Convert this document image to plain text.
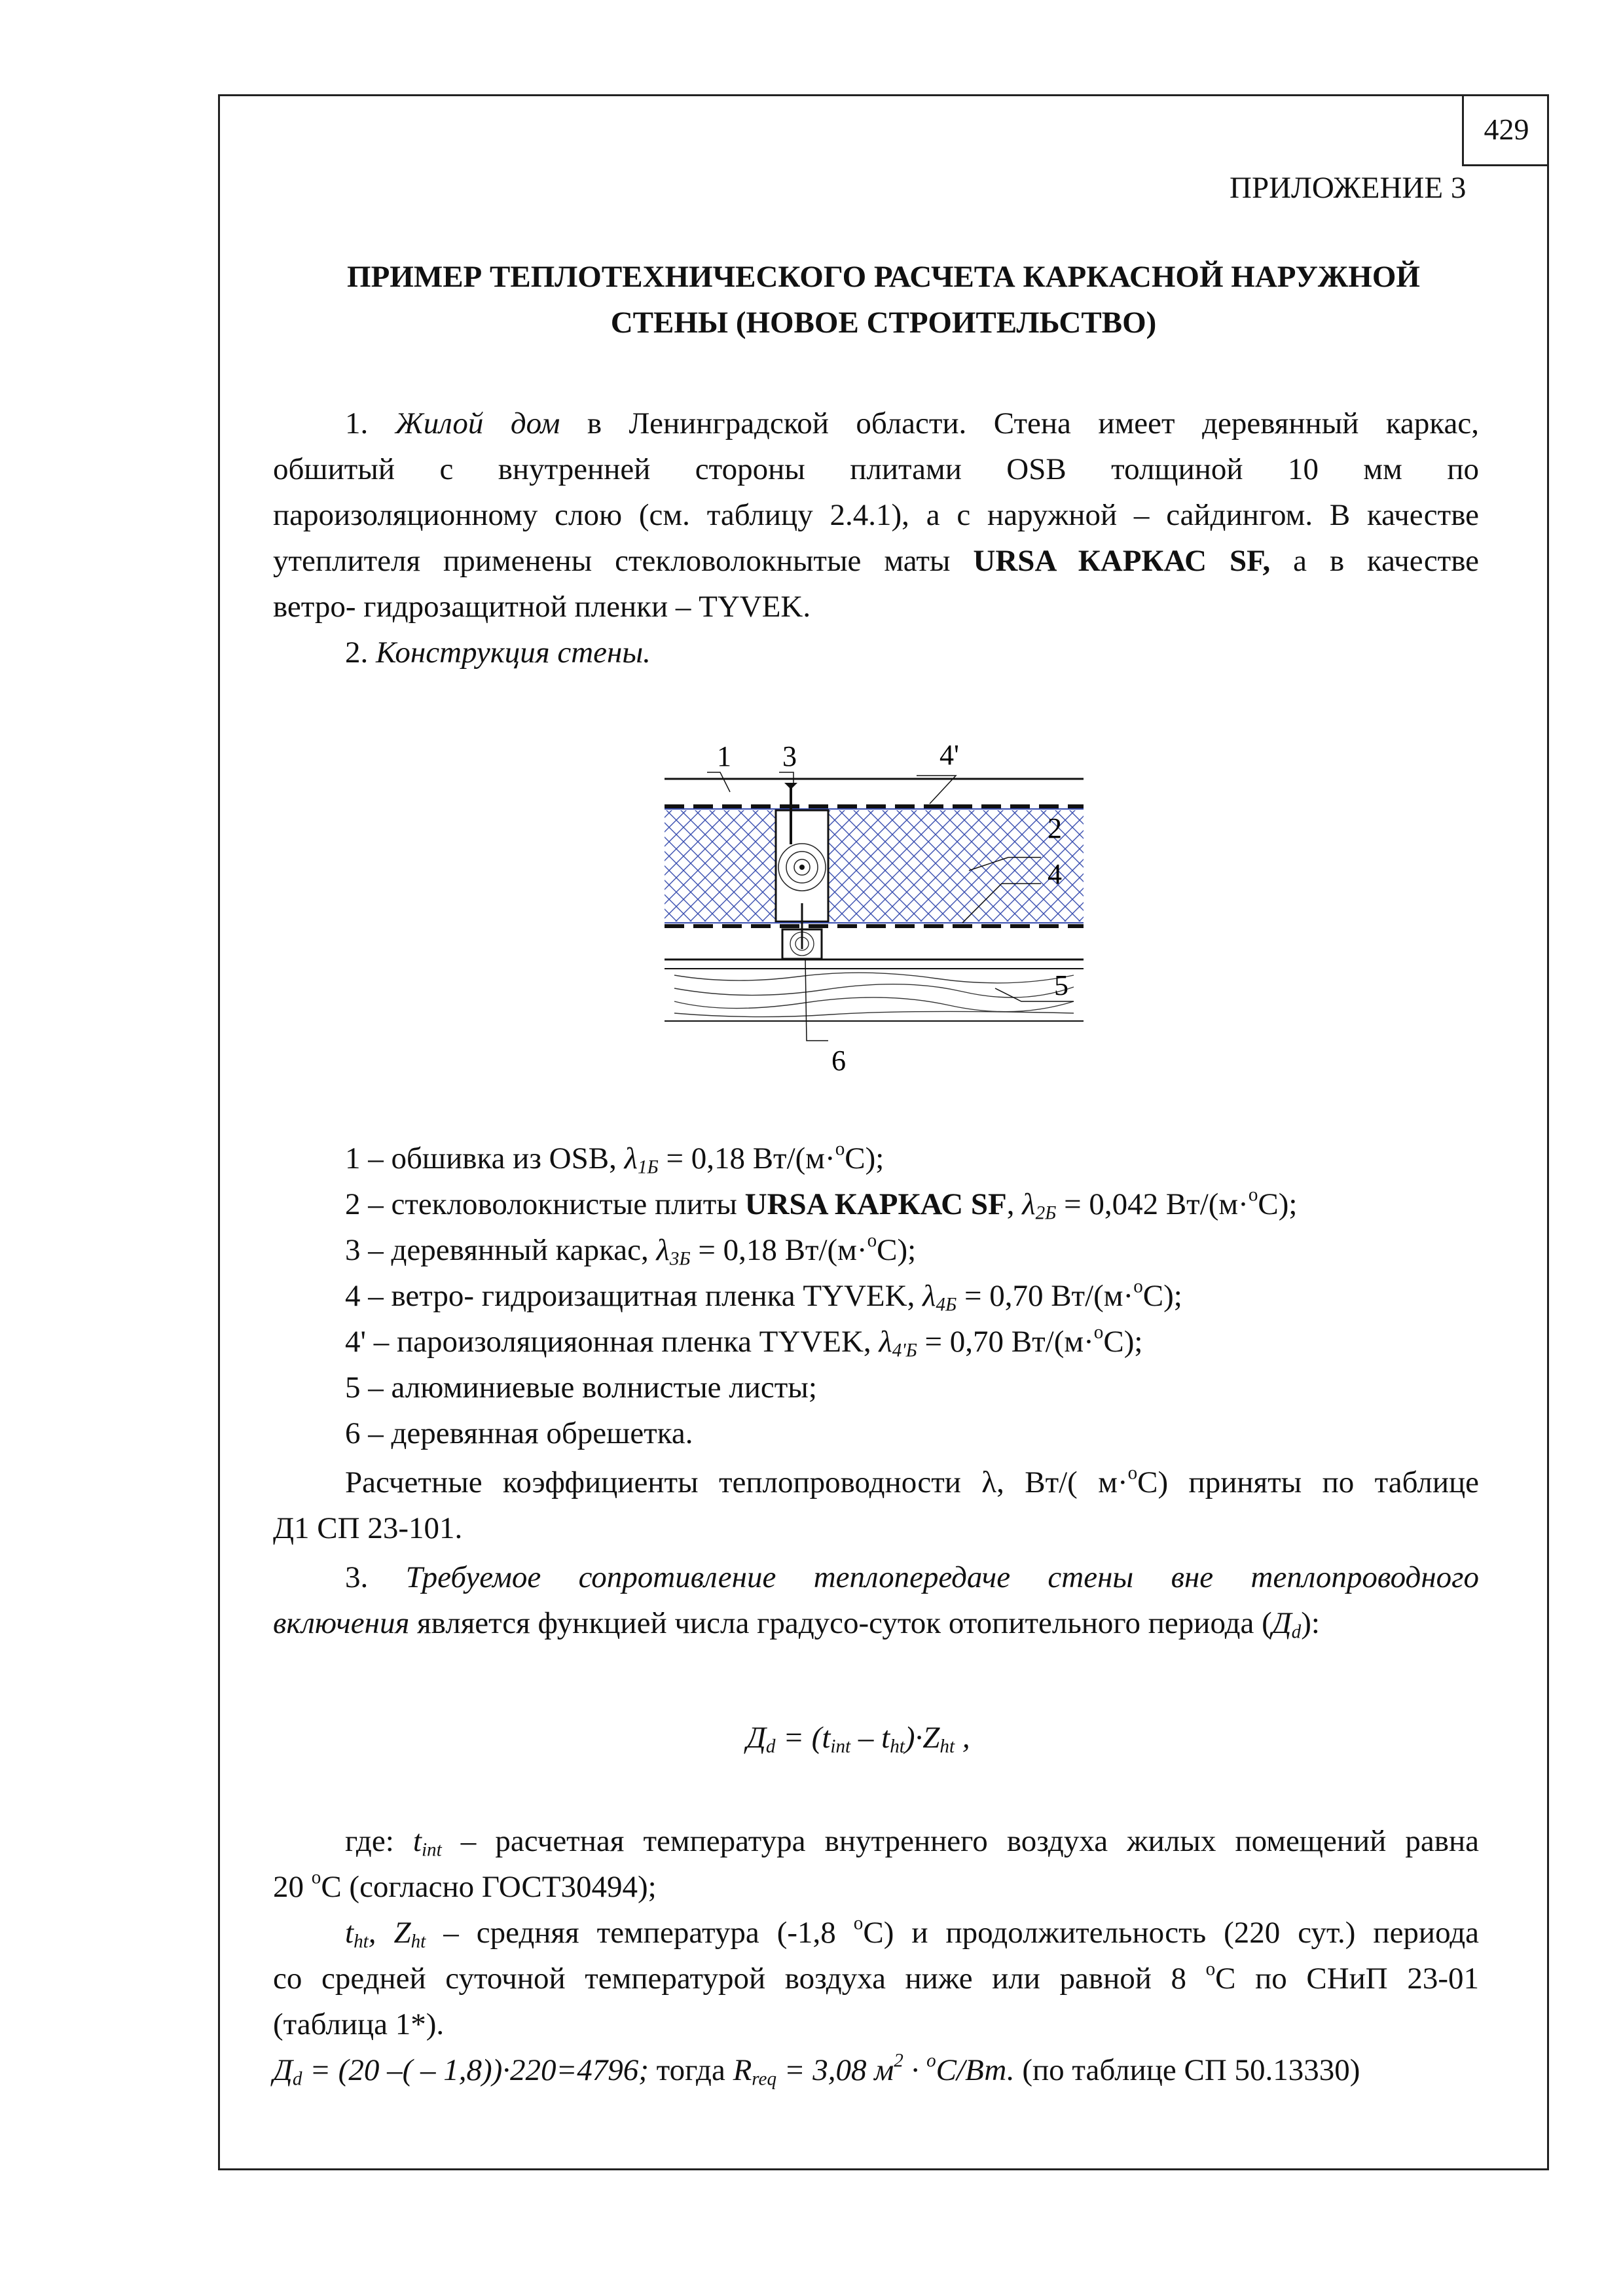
429
ПРИЛОЖЕНИЕ 3
ПРИМЕР ТЕПЛОТЕХНИЧЕСКОГО РАСЧЕТА КАРКАСНОЙ НАРУЖНОЙ
СТЕНЫ (НОВОЕ СТРОИТЕЛЬСТВО)
1. Жилой дом в Ленинградской области. Стена имеет деревянный каркас,
обшитый с внутренней стороны плитами OSB толщиной 10 мм по
пароизоляционному слою (см. таблицу 2.4.1), а с наружной – сайдингом. В качестве
утеплителя применены стекловолокнытые маты URSA КАРКАС SF, а в качестве
ветро- гидрозащитной пленки – TYVEK.
2. Конструкция стены.
1 3	4'
2
4
5
6
1 – обшивка из OSB, $\lambda_{1Б} = 0,18$ Вт/(м·$^о$С);
2 – стекловолокнистые плиты URSA КАРКАС SF, $\lambda_{2Б} = 0,042$ Вт/(м·$^о$С);
3 – деревянный каркас, $\lambda_{3Б} = 0,18$ Вт/(м·$^о$С);
4 – ветро- гидроизащитная пленка TYVEK, $\lambda_{4Б} = 0,70$ Вт/(м·$^о$С);
4' – пароизоляцияонная пленка TYVEK, $\lambda_{4'Б} = 0,70$ Вт/(м·$^о$С);
5 – алюминиевые волнистые листы;
6 – деревянная обрешетка.
Расчетные коэффициенты теплопроводности λ, Вт/( м·$^о$С) приняты по таблице
Д1 СП 23-101.
3. Требуемое сопротивление теплопередаче стены вне теплопроводного
включения является функцией числа градусо-суток отопительного периода $(Д_d)$:
$Д_d = (t_{int} - t_{ht})\cdot Z_{ht}$ ,
где: $t_{int}$ – расчетная температура внутреннего воздуха жилых помещений равна
20 $^о$С (согласно ГОСТ30494);
$t_{ht}$, $Z_{ht}$ – средняя температура (-1,8 $^о$С) и продолжительность (220 сут.) периода
со средней суточной температурой воздуха ниже или равной 8 $^о$С по СНиП 23-01
(таблица 1*).
$Д_d = (20$ –( – 1,8))·220=4796; тогда $R_{req} = 3,08$ $м^2 \cdot ^оС/Вт$. (по таблице СП 50.13330)
